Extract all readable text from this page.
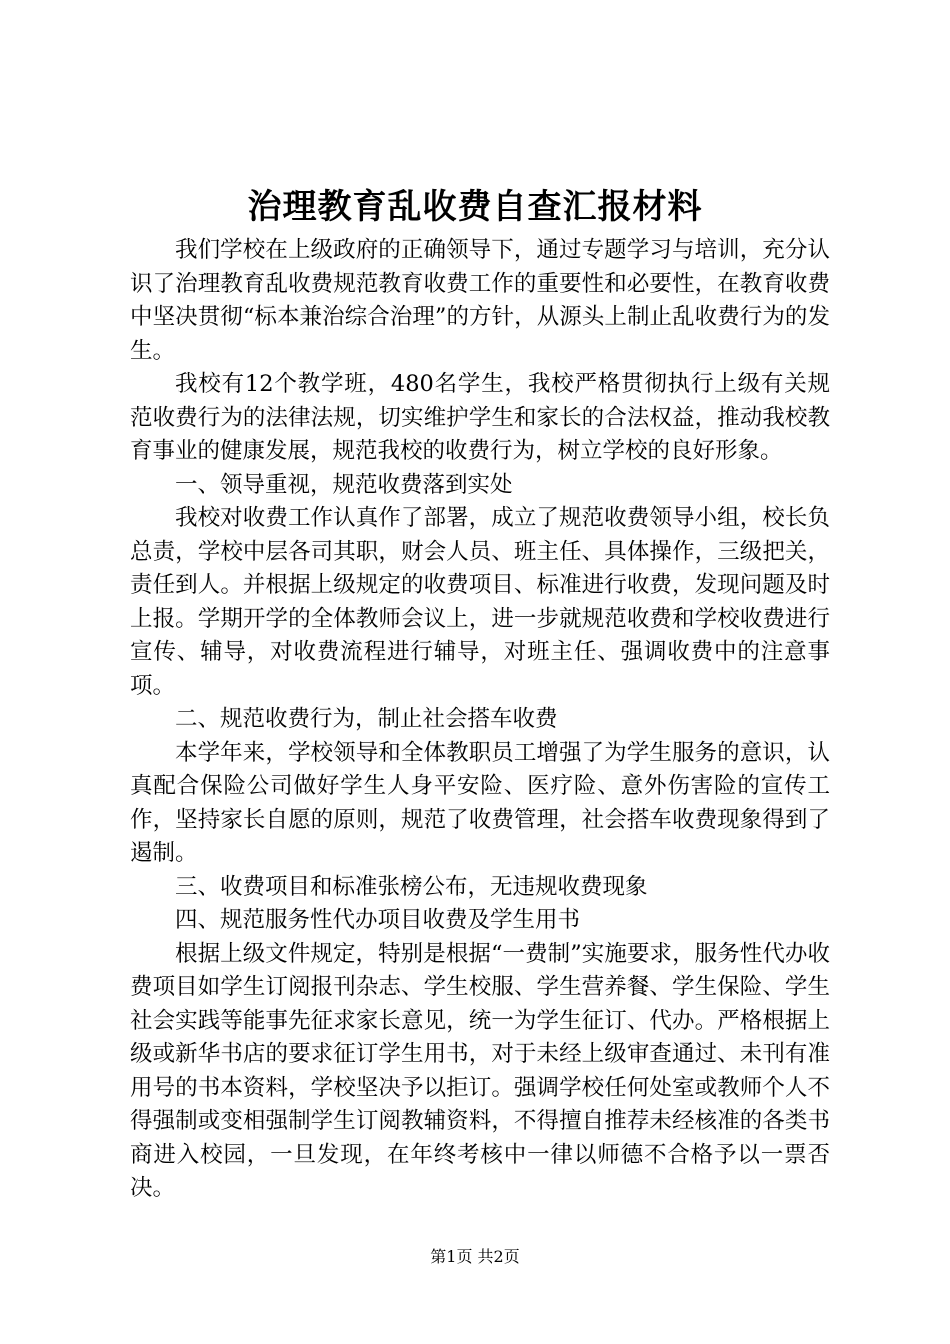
治理教育乱收费自查汇报材料

我们学校在上级政府的正确领导下，通过专题学习与培训，充分认识了治理教育乱收费规范教育收费工作的重要性和必要性，在教育收费中坚决贯彻“标本兼治综合治理”的方针，从源头上制止乱收费行为的发生。

我校有12个教学班，480名学生，我校严格贯彻执行上级有关规范收费行为的法律法规，切实维护学生和家长的合法权益，推动我校教育事业的健康发展，规范我校的收费行为，树立学校的良好形象。

一、领导重视，规范收费落到实处

我校对收费工作认真作了部署，成立了规范收费领导小组，校长负总责，学校中层各司其职，财会人员、班主任、具体操作，三级把关，责任到人。并根据上级规定的收费项目、标准进行收费，发现问题及时上报。学期开学的全体教师会议上，进一步就规范收费和学校收费进行宣传、辅导，对收费流程进行辅导，对班主任、强调收费中的注意事项。

二、规范收费行为，制止社会搭车收费

本学年来，学校领导和全体教职员工增强了为学生服务的意识，认真配合保险公司做好学生人身平安险、医疗险、意外伤害险的宣传工作，坚持家长自愿的原则，规范了收费管理，社会搭车收费现象得到了遏制。

三、收费项目和标准张榜公布，无违规收费现象

四、规范服务性代办项目收费及学生用书

根据上级文件规定，特别是根据“一费制”实施要求，服务性代办收费项目如学生订阅报刊杂志、学生校服、学生营养餐、学生保险、学生社会实践等能事先征求家长意见，统一为学生征订、代办。严格根据上级或新华书店的要求征订学生用书，对于未经上级审查通过、未刊有准用号的书本资料，学校坚决予以拒订。强调学校任何处室或教师个人不得强制或变相强制学生订阅教辅资料，不得擅自推荐未经核准的各类书商进入校园，一旦发现，在年终考核中一律以师德不合格予以一票否决。

第1页 共2页
